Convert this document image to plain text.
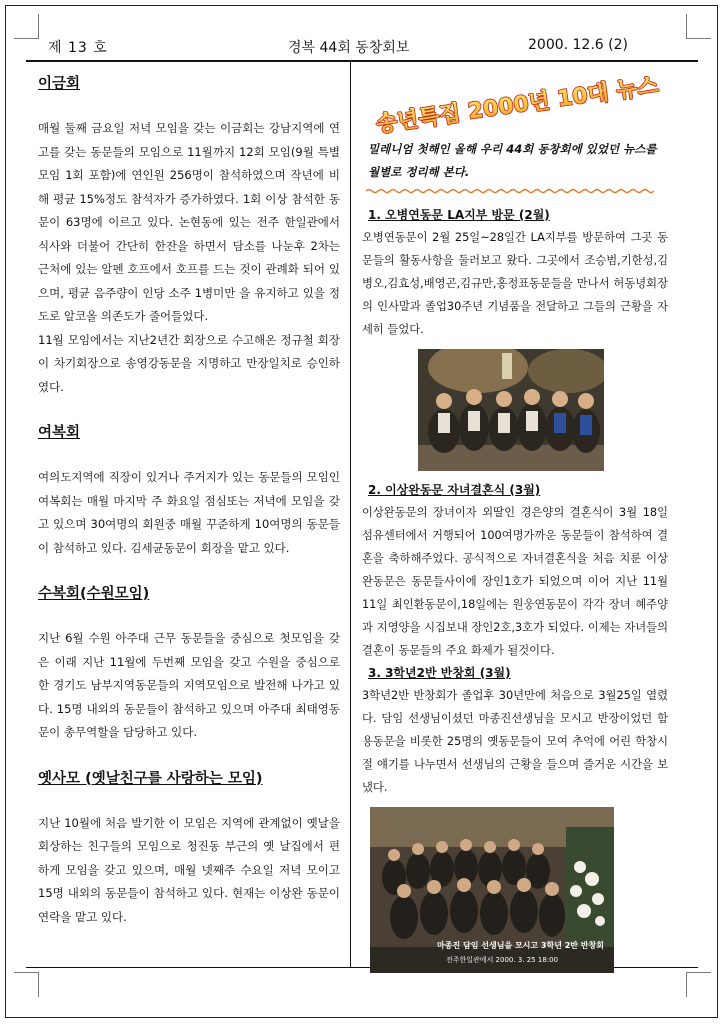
제 13 호	경복 44회 동창회보	2000. 12.6 (2)
이금회

매월 둘째 금요일 저녁 모임을 갖는 이금회는 강남지역에 연고를 갖는 동문들의 모임으로 11월까지 12회 모임(9월 특별모임 1회 포함)에 연인원 256명이 참석하였으며 작년에 비해 평균 15%정도 참석자가 증가하였다. 1회 이상 참석한 동문이 63명에 이르고 있다. 논현동에 있는 전주 한일관에서 식사와 더불어 간단히 한잔을 하면서 담소를 나눈후 2차는 근처에 있는 알펜 호프에서 호프를 드는 것이 관례화 되어 있으며, 평균 음주량이 인당 소주 1병미만 을 유지하고 있을 정도로 알코올 의존도가 줄어들었다.

11월 모임에서는 지난2년간 회장으로 수고해온 정규철 회장이 차기회장으로 송영강동문을 지명하고 만장일치로 승인하였다.

여복회

여의도지역에 직장이 있거나 주거지가 있는 동문들의 모임인 여복회는 매월 마지막 주 화요일 점심또는 저녁에 모임을 갖고 있으며 30여명의 회원중 매월 꾸준하게 10여명의 동문들이 참석하고 있다. 김세균동문이 회장을 맡고 있다.

수복회(수원모임)

지난 6월 수원 아주대 근무 동문들을 중심으로 첫모임을 갖은 이래 지난 11월에 두번째 모임을 갖고 수원을 중심으로 한 경기도 남부지역동문들의 지역모임으로 발전해 나가고 있다. 15명 내외의 동문들이 참석하고 있으며 아주대 최태영동문이 총무역할을 담당하고 있다.

옛사모 (옛날친구를 사랑하는 모임)

지난 10월에 처음 발기한 이 모임은 지역에 관계없이 옛날을 회상하는 친구들의 모임으로 청진동 부근의 옛 날집에서 편하게 모임을 갖고 있으며, 매월 넷째주 수요일 저녁 모이고 15명 내외의 동문들이 참석하고 있다. 현재는 이상완 동문이 연락을 맡고 있다.

송년특집 2000년 10대 뉴스

밀레니엄 첫해인 올해 우리 44회 동창회에 있었던 뉴스를 월별로 정리해 본다.

1. 오병연동문 LA지부 방문 (2월)

오병연동문이 2월 25일~28일간 LA지부를 방문하여 그곳 동문들의 활동사항을 둘러보고 왔다. 그곳에서 조승범,기한성,김병오,김효성,배영곤,김규만,홍정표동문들을 만나서 허동녕회장의 인사말과 졸업30주년 기념품을 전달하고 그들의 근황을 자세히 들었다.

2. 이상완동문 자녀결혼식 (3월)

이상완동문의 장녀이자 외딸인 경은양의 결혼식이 3월 18일 섬유센터에서 거행되어 100여명가까운 동문들이 참석하여 결혼을 축하해주었다. 공식적으로 자녀결혼식을 처음 치룬 이상완동문은 동문들사이에 장인1호가 되었으며 이어 지난 11월11일 최인환동문이,18일에는 원웅연동문이 각각 장녀 혜주양 과 지영양을 시집보내 장인2호,3호가 되었다. 이제는 자녀들의 결혼이 동문들의 주요 화제가 될것이다.

3. 3학년2반 반창회 (3월)

3학년2반 반창회가 졸업후 30년만에 처음으로 3월25일 열렸다. 담임 선생님이셨던 마종진선생님을 모시고 반장이었던 함용동문을 비롯한 25명의 옛동문들이 모여 추억에 어린 학창시절 얘기를 나누면서 선생님의 근황을 들으며 즐거운 시간을 보냈다.

마종진 담임 선생님을 모시고 3학년 2반 반창회
전주한일관에서 2000. 3. 25 18:00
